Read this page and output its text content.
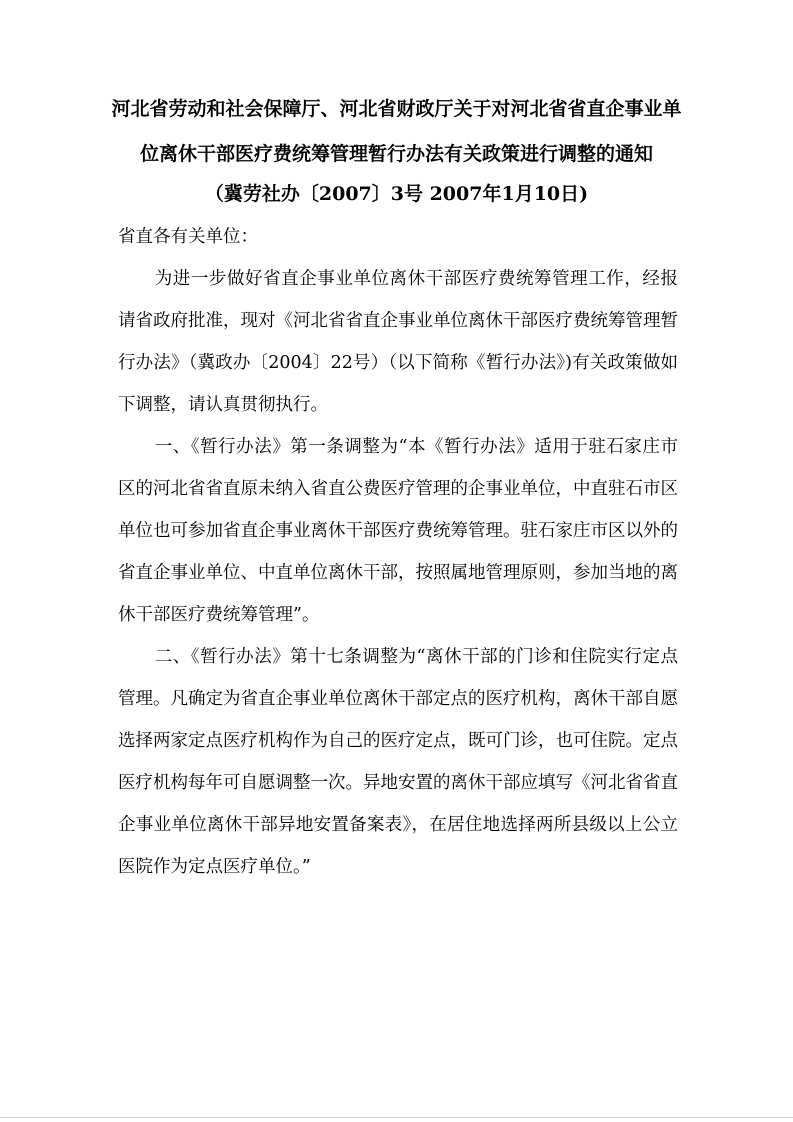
河北省劳动和社会保障厅、河北省财政厅关于对河北省省直企事业单
位离休干部医疗费统筹管理暂行办法有关政策进行调整的通知
（冀劳社办〔2007〕3号 2007年1月10日)
省直各有关单位：

为进一步做好省直企事业单位离休干部医疗费统筹管理工作，经报请省政府批准，现对《河北省省直企事业单位离休干部医疗费统筹管理暂行办法》（冀政办〔2004〕22号）（以下简称《暂行办法》)有关政策做如下调整，请认真贯彻执行。

一、《暂行办法》第一条调整为“本《暂行办法》适用于驻石家庄市区的河北省省直原未纳入省直公费医疗管理的企事业单位，中直驻石市区单位也可参加省直企事业离休干部医疗费统筹管理。驻石家庄市区以外的省直企事业单位、中直单位离休干部，按照属地管理原则，参加当地的离休干部医疗费统筹管理”。

二、《暂行办法》第十七条调整为“离休干部的门诊和住院实行定点管理。凡确定为省直企事业单位离休干部定点的医疗机构，离休干部自愿选择两家定点医疗机构作为自己的医疗定点，既可门诊，也可住院。定点医疗机构每年可自愿调整一次。异地安置的离休干部应填写《河北省省直企事业单位离休干部异地安置备案表》，在居住地选择两所县级以上公立医院作为定点医疗单位。”
